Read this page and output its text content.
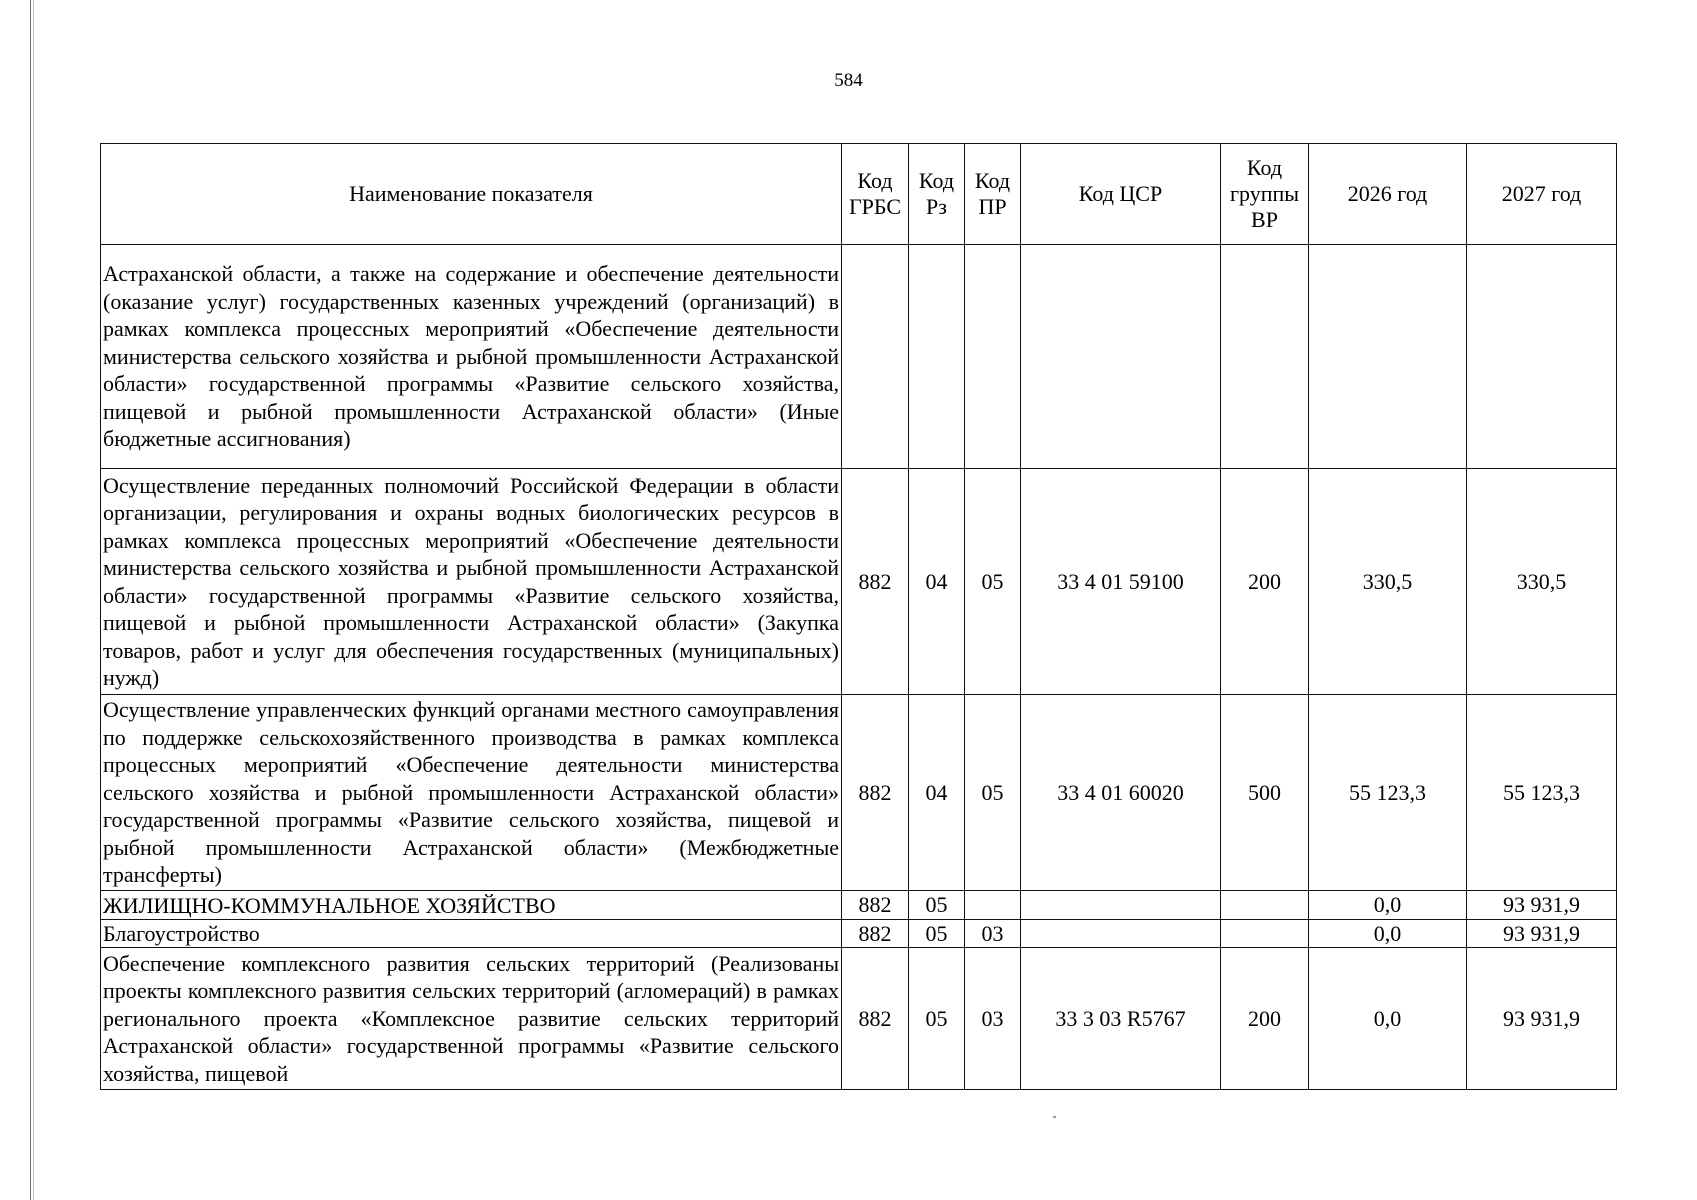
584
Наименование показателя	Код ГРБС	Код Рз	Код ПР	Код ЦСР	Код группы ВР	2026 год	2027 год
Астраханской области, а также на содержание и обеспечение деятельности (оказание услуг) государственных казенных учреждений (организаций) в рамках комплекса процессных мероприятий «Обеспечение деятельности министерства сельского хозяйства и рыбной промышленности Астраханской области» государственной программы «Развитие сельского хозяйства, пищевой и рыбной промышленности Астраханской области» (Иные бюджетные ассигнования)							
Осуществление переданных полномочий Российской Федерации в области организации, регулирования и охраны водных биологических ресурсов в рамках комплекса процессных мероприятий «Обеспечение деятельности министерства сельского хозяйства и рыбной промышленности Астраханской области» государственной программы «Развитие сельского хозяйства, пищевой и рыбной промышленности Астраханской области» (Закупка товаров, работ и услуг для обеспечения государственных (муниципальных) нужд)	882	04	05	33 4 01 59100	200	330,5	330,5
Осуществление управленческих функций органами местного самоуправления по поддержке сельскохозяйственного производства в рамках комплекса процессных мероприятий «Обеспечение деятельности министерства сельского хозяйства и рыбной промышленности Астраханской области» государственной программы «Развитие сельского хозяйства, пищевой и рыбной промышленности Астраханской области» (Межбюджетные трансферты)	882	04	05	33 4 01 60020	500	55 123,3	55 123,3
ЖИЛИЩНО-КОММУНАЛЬНОЕ ХОЗЯЙСТВО	882	05				0,0	93 931,9
Благоустройство	882	05	03			0,0	93 931,9
Обеспечение комплексного развития сельских территорий (Реализованы проекты комплексного развития сельских территорий (агломераций) в рамках регионального проекта «Комплексное развитие сельских территорий Астраханской области» государственной программы «Развитие сельского хозяйства, пищевой	882	05	03	33 3 03 R5767	200	0,0	93 931,9
